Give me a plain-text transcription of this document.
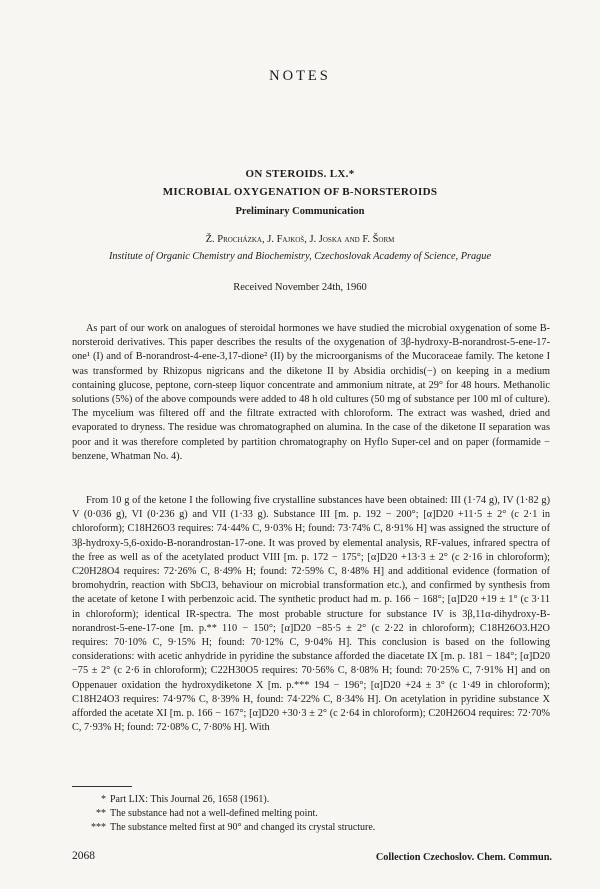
NOTES
ON STEROIDS. LX.*
MICROBIAL OXYGENATION OF B-NORSTEROIDS
Preliminary Communication
Ž. Procházka, J. Fajkoš, J. Joska and F. Šorm
Institute of Organic Chemistry and Biochemistry, Czechoslovak Academy of Science, Prague
Received November 24th, 1960

As part of our work on analogues of steroidal hormones we have studied the microbial oxygenation of some B-norsteroid derivatives. This paper describes the results of the oxygenation of 3β-hydroxy-B-norandrost-5-ene-17-one¹ (I) and of B-norandrost-4-ene-3,17-dione² (II) by the microorganisms of the Mucoraceae family. The ketone I was transformed by Rhizopus nigricans and the diketone II by Absidia orchidis(−) on keeping in a medium containing glucose, peptone, corn-steep liquor concentrate and ammonium nitrate, at 29° for 48 hours. Methanolic solutions (5%) of the above compounds were added to 48 h old cultures (50 mg of substance per 100 ml of culture). The mycelium was filtered off and the filtrate extracted with chloroform. The extract was washed, dried and evaporated to dryness. The residue was chromatographed on alumina. In the case of the diketone II separation was poor and it was therefore completed by partition chromatography on Hyflo Super-cel and on paper (formamide − benzene, Whatman No. 4).

From 10 g of the ketone I the following five crystalline substances have been obtained: III (1·74 g), IV (1·82 g) V (0·036 g), VI (0·236 g) and VII (1·33 g). Substance III [m. p. 192 − 200°; [α]D20 +11·5 ± 2° (c 2·1 in chloroform); C18H26O3 requires: 74·44% C, 9·03% H; found: 73·74% C, 8·91% H] was assigned the structure of 3β-hydroxy-5,6-oxido-B-norandrostan-17-one. It was proved by elemental analysis, RF-values, infrared spectra of the free as well as of the acetylated product VIII [m. p. 172 − 175°; [α]D20 +13·3 ± 2° (c 2·16 in chloroform); C20H28O4 requires: 72·26% C, 8·49% H; found: 72·59% C, 8·48% H] and additional evidence (formation of bromohydrin, reaction with SbCl3, behaviour on microbial transformation etc.), and confirmed by synthesis from the acetate of ketone I with perbenzoic acid. The synthetic product had m. p. 166 − 168°; [α]D20 +19 ± 1° (c 3·11 in chloroform); identical IR-spectra. The most probable structure for substance IV is 3β,11α-dihydroxy-B-norandrost-5-ene-17-one [m. p.** 110 − 150°; [α]D20 −85·5 ± 2° (c 2·22 in chloroform); C18H26O3.H2O requires: 70·10% C, 9·15% H; found: 70·12% C, 9·04% H]. This conclusion is based on the following considerations: with acetic anhydride in pyridine the substance afforded the diacetate IX [m. p. 181 − 184°; [α]D20 −75 ± 2° (c 2·6 in chloroform); C22H30O5 requires: 70·56% C, 8·08% H; found: 70·25% C, 7·91% H] and on Oppenauer oxidation the hydroxydiketone X [m. p.*** 194 − 196°; [α]D20 +24 ± 3° (c 1·49 in chloroform); C18H24O3 requires: 74·97% C, 8·39% H, found: 74·22% C, 8·34% H]. On acetylation in pyridine substance X afforded the acetate XI [m. p. 166 − 167°; [α]D20 +30·3 ± 2° (c 2·64 in chloroform); C20H26O4 requires: 72·70% C, 7·93% H; found: 72·08% C, 7·80% H]. With

* Part LIX: This Journal 26, 1658 (1961).
** The substance had not a well-defined melting point.
*** The substance melted first at 90° and changed its crystal structure.
2068	Collection Czechoslov. Chem. Commun.
